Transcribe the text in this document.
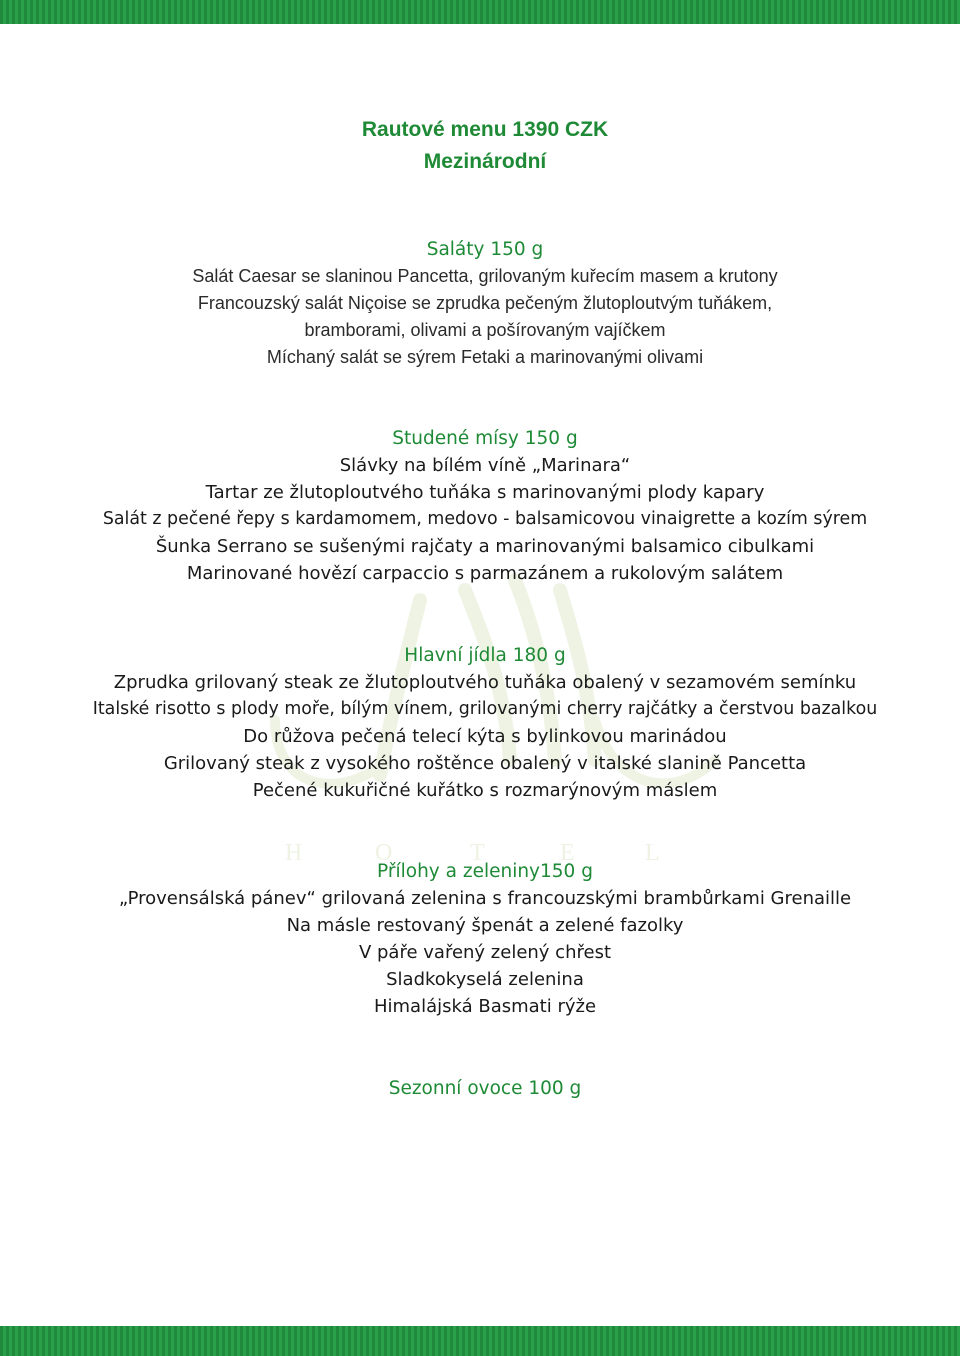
H	O	T	E	L
Rautové menu 1390 CZK
Mezinárodní
Saláty 150 g
Salát Caesar se slaninou Pancetta, grilovaným kuřecím masem a krutony
Francouzský salát Niçoise se zprudka pečeným žlutoploutvým tuňákem,
bramborami, olivami a pošírovaným vajíčkem
Míchaný salát se sýrem Fetaki a marinovanými olivami
Studené mísy 150 g
Slávky na bílém víně „Marinara“
Tartar ze žlutoploutvého tuňáka s marinovanými plody kapary
Salát z pečené řepy s kardamomem, medovo - balsamicovou vinaigrette a kozím sýrem
Šunka Serrano se sušenými rajčaty a marinovanými balsamico cibulkami
Marinované hovězí carpaccio s parmazánem a rukolovým salátem
Hlavní jídla 180 g
Zprudka grilovaný steak ze žlutoploutvého tuňáka obalený v sezamovém semínku
Italské risotto s plody moře, bílým vínem, grilovanými cherry rajčátky a čerstvou bazalkou
Do růžova pečená telecí kýta s bylinkovou marinádou
Grilovaný steak z vysokého roštěnce obalený v italské slanině Pancetta
Pečené kukuřičné kuřátko s rozmarýnovým máslem
Přílohy a zeleniny150 g
„Provensálská pánev“ grilovaná zelenina s francouzskými brambůrkami Grenaille
Na másle restovaný špenát a zelené fazolky
V páře vařený zelený chřest
Sladkokyselá zelenina
Himalájská Basmati rýže
Sezonní ovoce 100 g
